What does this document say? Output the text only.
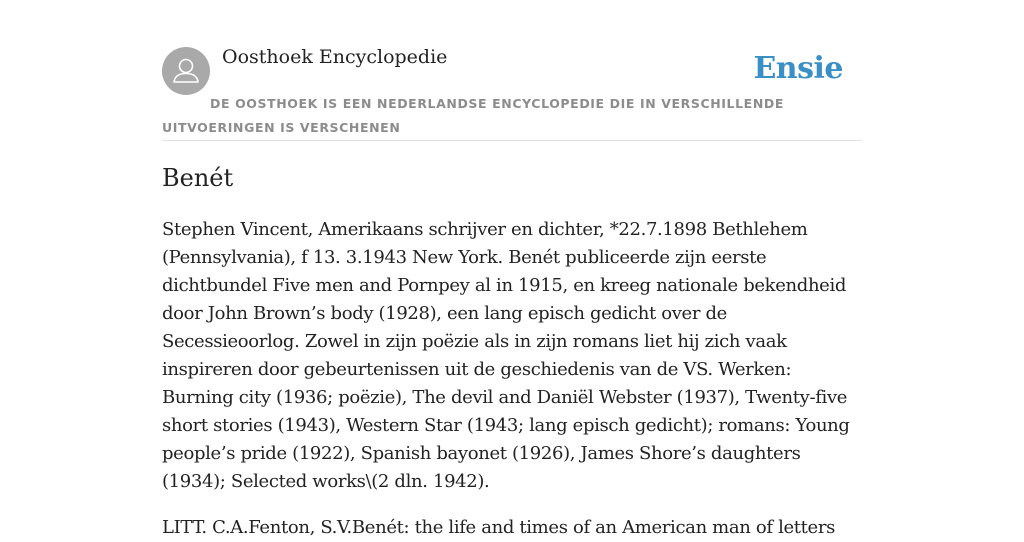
Oosthoek Encyclopedie	Ensie
DE OOSTHOEK IS EEN NEDERLANDSE ENCYCLOPEDIE DIE IN VERSCHILLENDE UITVOERINGEN IS VERSCHENEN
Benét

Stephen Vincent, Amerikaans schrijver en dichter, *22.7.1898 Bethlehem (Pennsylvania), f 13. 3.1943 New York. Benét publiceerde zijn eerste dichtbundel Five men and Pornpey al in 1915, en kreeg nationale bekendheid door John Brown’s body (1928), een lang episch gedicht over de Secessieoorlog. Zowel in zijn poëzie als in zijn romans liet hij zich vaak inspireren door gebeurtenissen uit de geschiedenis van de VS. Werken: Burning city (1936; poëzie), The devil and Daniël Webster (1937), Twenty-five short stories (1943), Western Star (1943; lang episch gedicht); romans: Young people’s pride (1922), Spanish bayonet (1926), James Shore’s daughters (1934); Selected works\(2 dln. 1942).

LITT. C.A.Fenton, S.V.Benét: the life and times of an American man of letters
